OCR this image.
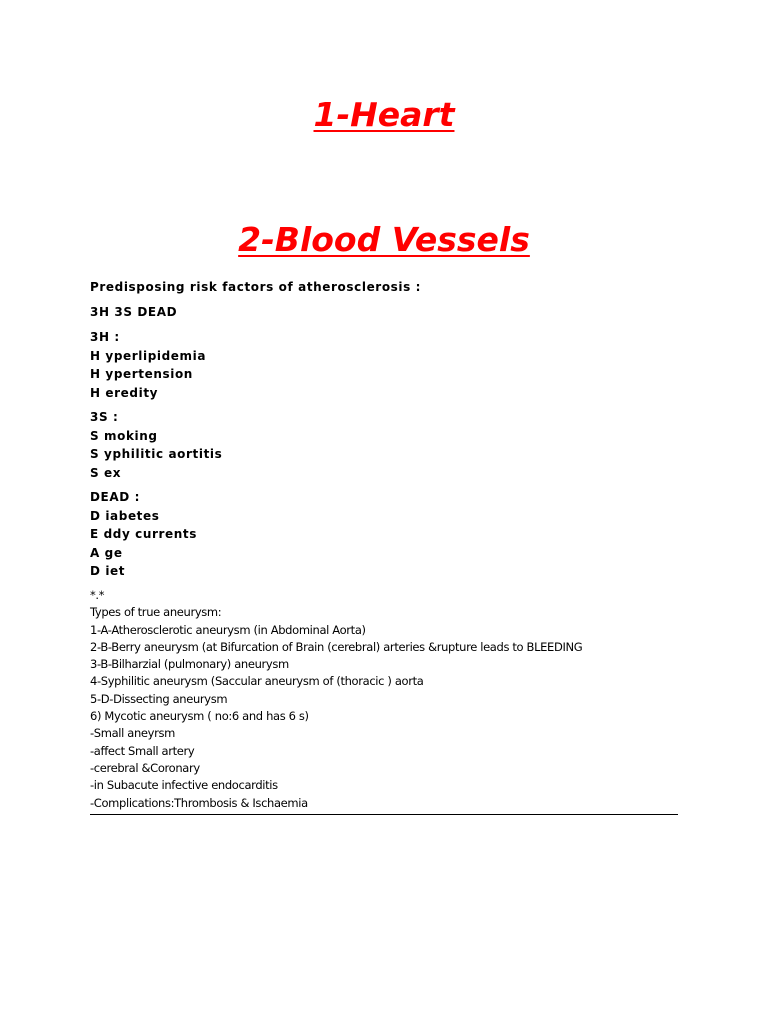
1-Heart
2-Blood Vessels
Predisposing risk factors of atherosclerosis :
3H 3S DEAD
3H :
H yperlipidemia
H ypertension
H eredity
3S :
S moking
S yphilitic aortitis
S ex
DEAD :
D iabetes
E ddy currents
A ge
D iet
*.*
Types of true aneurysm:
1-A-Atherosclerotic aneurysm (in Abdominal Aorta)
2-B-Berry aneurysm (at Bifurcation of Brain (cerebral) arteries &rupture leads to BLEEDING
3-B-Bilharzial (pulmonary) aneurysm
4-Syphilitic aneurysm (Saccular aneurysm of (thoracic ) aorta
5-D-Dissecting aneurysm
6) Mycotic aneurysm ( no:6 and has 6 s)
-Small aneyrsm
-affect Small artery
-cerebral &Coronary
-in Subacute infective endocarditis
-Complications:Thrombosis & Ischaemia
